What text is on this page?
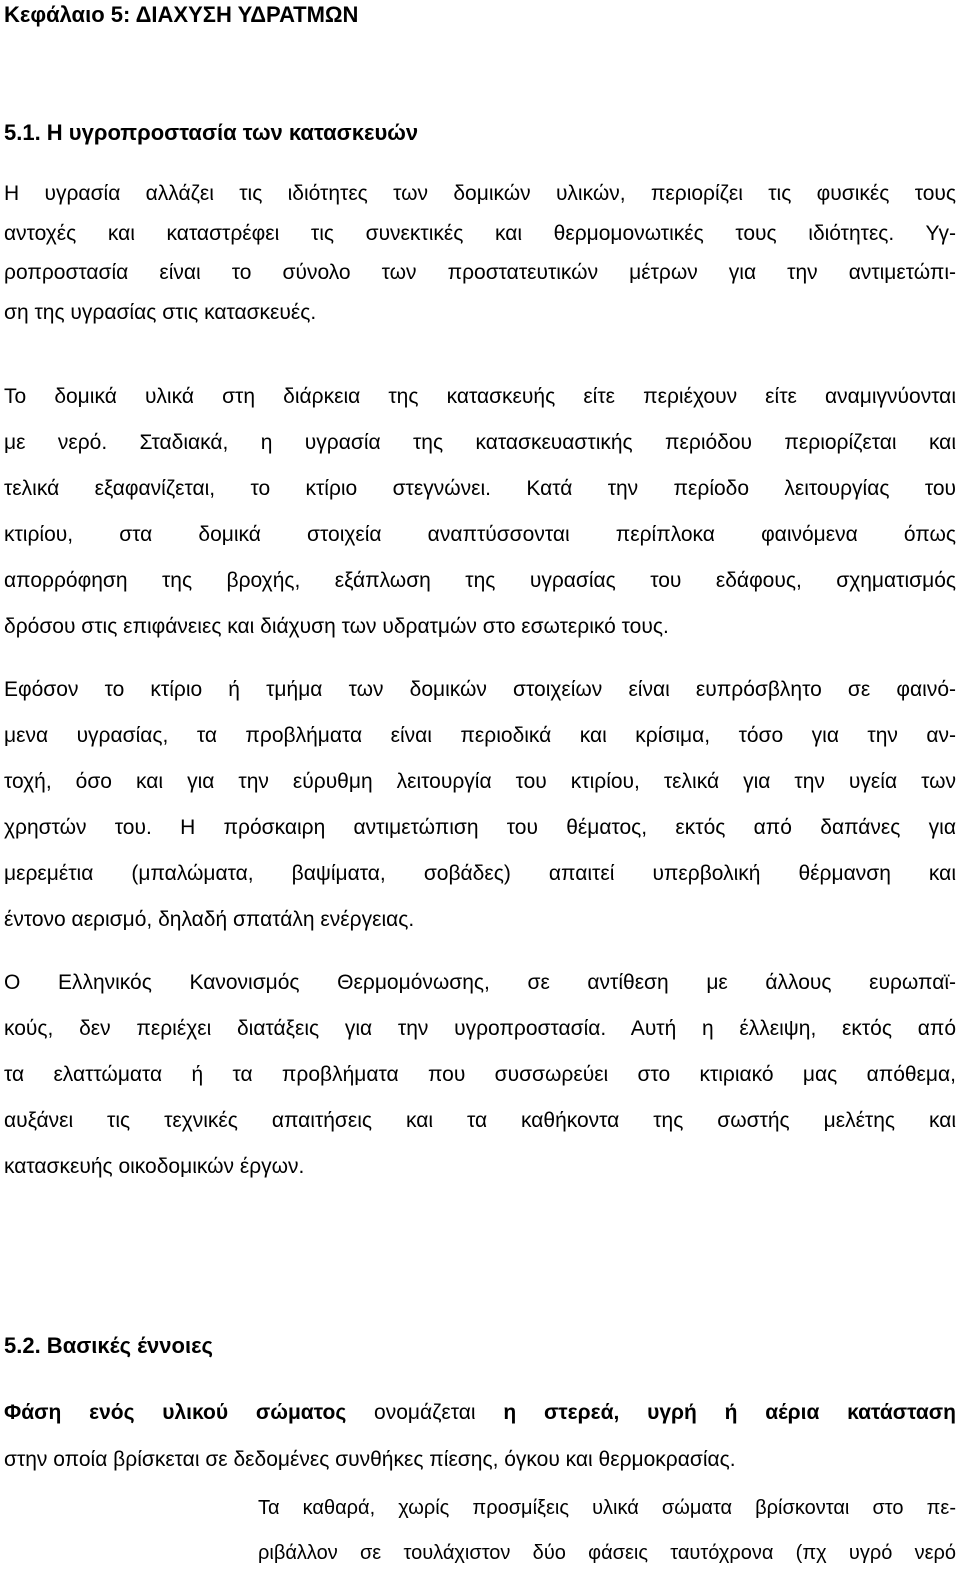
Κεφάλαιο 5: ΔΙΑΧΥΣΗ ΥΔΡΑΤΜΩΝ
5.1. Η υγροπροστασία των κατασκευών
Η υγρασία αλλάζει τις ιδιότητες των δομικών υλικών, περιορίζει τις φυσικές τους
αντοχές και καταστρέφει τις συνεκτικές και θερμομονωτικές τους ιδιότητες. Υγ-
ροπροστασία είναι το σύνολο των προστατευτικών μέτρων για την αντιμετώπι-
ση της υγρασίας στις κατασκευές.
Το δομικά υλικά στη διάρκεια της κατασκευής είτε περιέχουν είτε αναμιγνύονται
με νερό. Σταδιακά, η υγρασία της κατασκευαστικής περιόδου περιορίζεται και
τελικά εξαφανίζεται, το κτίριο στεγνώνει. Κατά την περίοδο λειτουργίας του
κτιρίου, στα δομικά στοιχεία αναπτύσσονται περίπλοκα φαινόμενα όπως
απορρόφηση της βροχής, εξάπλωση της υγρασίας του εδάφους, σχηματισμός
δρόσου στις επιφάνειες και διάχυση των υδρατμών στο εσωτερικό τους.
Εφόσον το κτίριο ή τμήμα των δομικών στοιχείων είναι ευπρόσβλητο σε φαινό-
μενα υγρασίας, τα προβλήματα είναι περιοδικά και κρίσιμα, τόσο για την αν-
τοχή, όσο και για την εύρυθμη λειτουργία του κτιρίου, τελικά για την υγεία των
χρηστών του. Η πρόσκαιρη αντιμετώπιση του θέματος, εκτός από δαπάνες για
μερεμέτια (μπαλώματα, βαψίματα, σοβάδες) απαιτεί υπερβολική θέρμανση και
έντονο αερισμό, δηλαδή σπατάλη ενέργειας.
Ο Ελληνικός Κανονισμός Θερμομόνωσης, σε αντίθεση με άλλους ευρωπαϊ-
κούς, δεν περιέχει διατάξεις για την υγροπροστασία. Αυτή η έλλειψη, εκτός από
τα ελαττώματα ή τα προβλήματα που συσσωρεύει στο κτιριακό μας απόθεμα,
αυξάνει τις τεχνικές απαιτήσεις και τα καθήκοντα της σωστής μελέτης και
κατασκευής οικοδομικών έργων.
5.2. Βασικές έννοιες
Φάση ενός υλικού σώματος ονομάζεται η στερεά, υγρή ή αέρια κατάσταση
στην οποία βρίσκεται σε δεδομένες συνθήκες πίεσης, όγκου και θερμοκρασίας.
Τα καθαρά, χωρίς προσμίξεις υλικά σώματα βρίσκονται στο πε-
ριβάλλον σε τουλάχιστον δύο φάσεις ταυτόχρονα (πχ υγρό νερό
